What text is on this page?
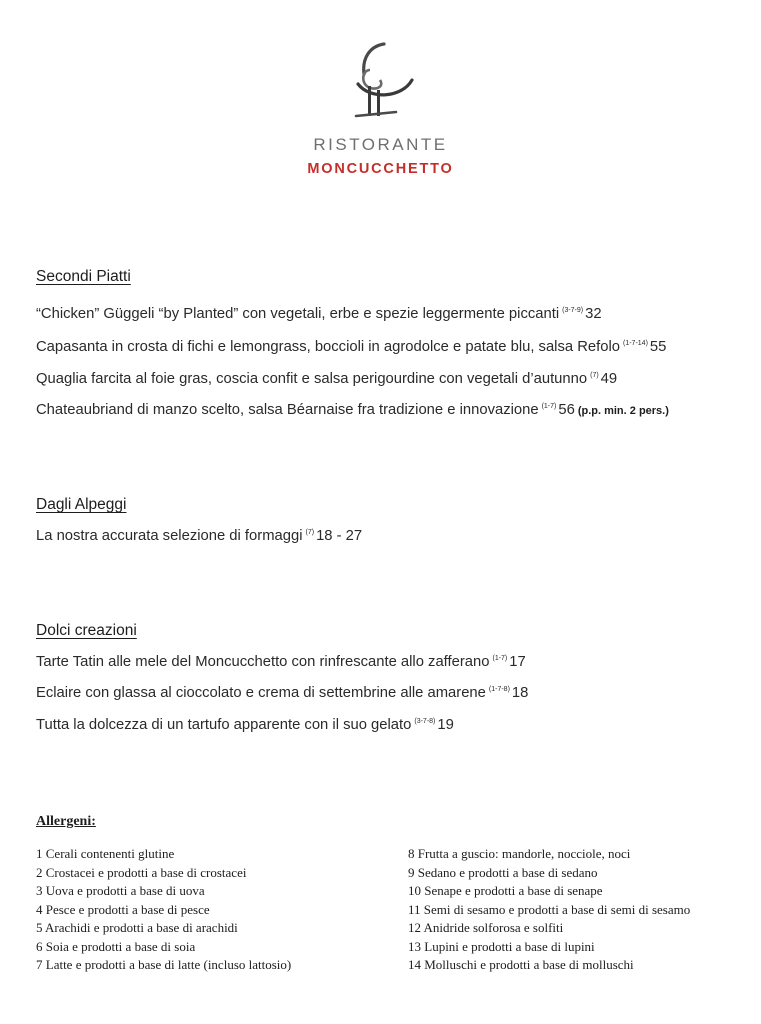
RISTORANTE
MONCUCCHETTO
Secondi Piatti
“Chicken” Güggeli “by Planted” con vegetali, erbe e spezie leggermente piccanti $^{(3-7-9)}$ 32
Capasanta in crosta di fichi e lemongrass, boccioli in agrodolce e patate blu, salsa Refolo $^{(1-7-14)}$ 55
Quaglia farcita al foie gras, coscia confit e salsa perigourdine con vegetali d’autunno $^{(7)}$ 49
Chateaubriand di manzo scelto, salsa Béarnaise fra tradizione e innovazione $^{(1-7)}$ 56 (p.p. min. 2 pers.)
Dagli Alpeggi
La nostra accurata selezione di formaggi $^{(7)}$ 18 - 27
Dolci creazioni
Tarte Tatin alle mele del Moncucchetto con rinfrescante allo zafferano $^{(1-7)}$ 17
Eclaire con glassa al cioccolato e crema di settembrine alle amarene $^{(1-7-8)}$ 18
Tutta la dolcezza di un tartufo apparente con il suo gelato $^{(3-7-8)}$ 19
Allergeni:
1 Cerali contenenti glutine
2 Crostacei e prodotti a base di crostacei
3 Uova e prodotti a base di uova
4 Pesce e prodotti a base di pesce
5 Arachidi e prodotti a base di arachidi
6 Soia e prodotti a base di soia
7 Latte e prodotti a base di latte (incluso lattosio)
8 Frutta a guscio: mandorle, nocciole, noci
9 Sedano e prodotti a base di sedano
10 Senape e prodotti a base di senape
11 Semi di sesamo e prodotti a base di semi di sesamo
12 Anidride solforosa e solfiti
13 Lupini e prodotti a base di lupini
14 Molluschi e prodotti a base di molluschi
